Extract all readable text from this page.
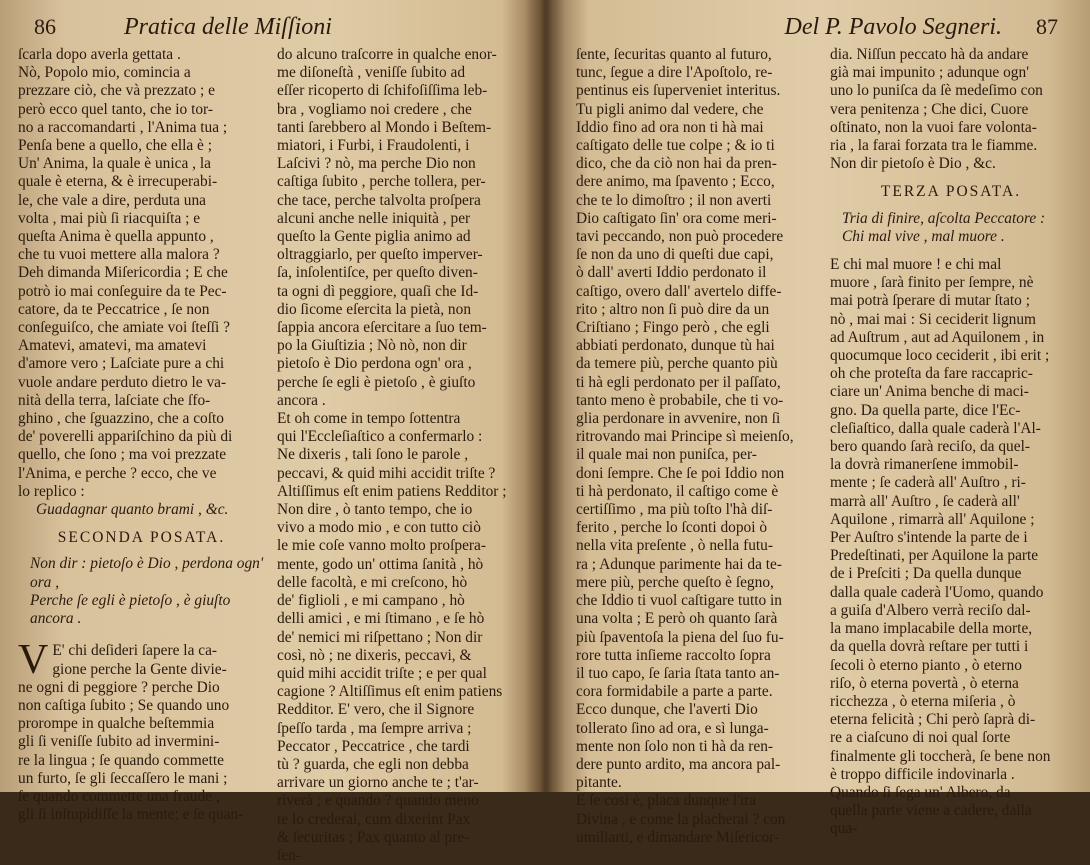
86	Pratica delle Miſſioni
ſcarla dopo averla gettata .
Nò, Popolo mio, comincia a
prezzare ciò, che và prezzato ; e
però ecco quel tanto, che io tor-
no a raccomandarti , l'Anima tua ;
Penſa bene a quello, che ella è ;
Un' Anima, la quale è unica , la
quale è eterna, & è irrecuperabi-
le, che vale a dire, perduta una
volta , mai più ſi riacquiſta ; e
queſta Anima è quella appunto ,
che tu vuoi mettere alla malora ?
Deh dimanda Miſericordia ; E che
potrò io mai conſeguire da te Pec-
catore, da te Peccatrice , ſe non
conſeguiſco, che amiate voi ſteſſi ?
Amatevi, amatevi, ma amatevi
d'amore vero ; Laſciate pure a chi
vuole andare perduto dietro le va-
nità della terra, laſciate che ſfo-
ghino , che ſguazzino, che a coſto
de' poverelli appariſchino da più di
quello, che ſono ; ma voi prezzate
l'Anima, e perche ? ecco, che ve
lo replico :
Guadagnar quanto brami , &c.
SECONDA POSATA.
Non dir : pietoſo è Dio , perdona ogn'
ora ,
Perche ſe egli è pietoſo , è giuſto
ancora .
V E' chi deſideri ſapere la ca-
gione perche la Gente divie-
ne ogni di peggiore ? perche Dio
non caſtiga ſubito ; Se quando uno
prorompe in qualche beſtemmia
gli ſi veniſſe ſubito ad invermini-
re la lingua ; ſe quando commette
un furto, ſe gli ſeccaſſero le mani ;
ſe quando commette una fraude ,
gli ſi inſtupidiſſe la mente; e ſe quan-
do alcuno traſcorre in qualche enor-
me diſoneſtà , veniſſe ſubito ad
eſſer ricoperto di ſchifoſiſſima leb-
bra , vogliamo noi credere , che
tanti ſarebbero al Mondo i Beſtem-
miatori, i Furbi, i Fraudolenti, i
Laſcivi ? nò, ma perche Dio non
caſtiga ſubito , perche tollera, per-
che tace, perche talvolta proſpera
alcuni anche nelle iniquità , per
queſto la Gente piglia animo ad
oltraggiarlo, per queſto imperver-
ſa, inſolentiſce, per queſto diven-
ta ogni dì peggiore, quaſi che Id-
dio ſicome eſercita la pietà, non
ſappia ancora eſercitare a ſuo tem-
po la Giuſtizia ; Nò nò, non dir
pietoſo è Dio perdona ogn' ora ,
perche ſe egli è pietoſo , è giuſto
ancora .
Et oh come in tempo ſottentra
qui l'Eccleſiaſtico a confermarlo :
Ne dixeris , tali ſono le parole ,
peccavi, & quid mihi accidit triſte ?
Altiſſimus eſt enim patiens Redditor ;
Non dire , ò tanto tempo, che io
vivo a modo mio , e con tutto ciò
le mie coſe vanno molto proſpera-
mente, godo un' ottima ſanità , hò
delle facoltà, e mi creſcono, hò
de' figlioli , e mi campano , hò
delli amici , e mi ſtimano , e ſe hò
de' nemici mi riſpettano ; Non dir
così, nò ; ne dixeris, peccavi, &
quid mihi accidit triſte ; e per qual
cagione ? Altiſſimus eſt enim patiens
Redditor. E' vero, che il Signore
ſpeſſo tarda , ma ſempre arriva ;
Peccator , Peccatrice , che tardi
tù ? guarda, che egli non debba
arrivare un giorno anche te ; t'ar-
riverà ; e quando ? quando meno
te lo crederai, cum dixerint Pax
& ſecuritas ; Pax quanto al pre-
ſen-
Del P. Pavolo Segneri.	87
ſente, ſecuritas quanto al futuro,
tunc, ſegue a dire l'Apoſtolo, re-
pentinus eis ſuperveniet interitus.
Tu pigli animo dal vedere, che
Iddio fino ad ora non ti hà mai
caſtigato delle tue colpe ; & io ti
dico, che da ciò non hai da pren-
dere animo, ma ſpavento ; Ecco,
che te lo dimoſtro ; il non averti
Dio caſtigato ſin' ora come meri-
tavi peccando, non può procedere
ſe non da uno di queſti due capi,
ò dall' averti Iddio perdonato il
caſtigo, overo dall' avertelo diffe-
rito ; altro non ſi può dire da un
Criſtiano ; Fingo però , che egli
abbiati perdonato, dunque tù hai
da temere più, perche quanto più
ti hà egli perdonato per il paſſato,
tanto meno è probabile, che ti vo-
glia perdonare in avvenire, non ſi
ritrovando mai Principe sì meienſo,
il quale mai non puniſca, per-
doni ſempre. Che ſe poi Iddio non
ti hà perdonato, il caſtigo come è
certiſſimo , ma più toſto l'hà diſ-
ferito , perche lo ſconti dopoi ò
nella vita preſente , ò nella futu-
ra ; Adunque parimente hai da te-
mere più, perche queſto è ſegno,
che Iddio ti vuol caſtigare tutto in
una volta ; E però oh quanto ſarà
più ſpaventoſa la piena del ſuo fu-
rore tutta inſieme raccolto ſopra
il tuo capo, ſe ſaria ſtata tanto an-
cora formidabile a parte a parte.
Ecco dunque, che l'averti Dio
tollerato ſino ad ora, e sì lunga-
mente non ſolo non ti hà da ren-
dere punto ardito, ma ancora pal-
pitante.
E ſe così è, placa dunque l'ira
Divina , e come la placherai ? con
umiliarti, e dimandare Miſericor-
dia. Niſſun peccato hà da andare
già mai impunito ; adunque ogn'
uno lo puniſca da ſè medeſimo con
vera penitenza ; Che dici, Cuore
oſtinato, non la vuoi fare volonta-
ria , la farai forzata tra le fiamme.
Non dir pietoſo è Dio , &c.
TERZA POSATA.
Tria di finire, aſcolta Peccatore :
Chi mal vive , mal muore .
E chi mal muore ! e chi mal
muore , ſarà finito per ſempre, nè
mai potrà ſperare di mutar ſtato ;
nò , mai mai : Si ceciderit lignum
ad Auſtrum , aut ad Aquilonem , in
quocumque loco ceciderit , ibi erit ;
oh che proteſta da fare raccapric-
ciare un' Anima benche di maci-
gno. Da quella parte, dice l'Ec-
cleſiaſtico, dalla quale caderà l'Al-
bero quando ſarà reciſo, da quel-
la dovrà rimanerſene immobil-
mente ; ſe caderà all' Auſtro , ri-
marrà all' Auſtro , ſe caderà all'
Aquilone , rimarrà all' Aquilone ;
Per Auſtro s'intende la parte de i
Predeſtinati, per Aquilone la parte
de i Preſciti ; Da quella dunque
dalla quale caderà l'Uomo, quando
a guiſa d'Albero verrà reciſo dal-
la mano implacabile della morte,
da quella dovrà reſtare per tutti i
ſecoli ò eterno pianto , ò eterno
riſo, ò eterna povertà , ò eterna
ricchezza , ò eterna miſeria , ò
eterna felicità ; Chi però ſaprà di-
re a ciaſcuno di noi qual ſorte
finalmente gli toccherà, ſe bene non
è troppo difficile indovinarla .
Quando ſi ſega un' Albero, da
quella parte viene a cadere, dalla
qua-
